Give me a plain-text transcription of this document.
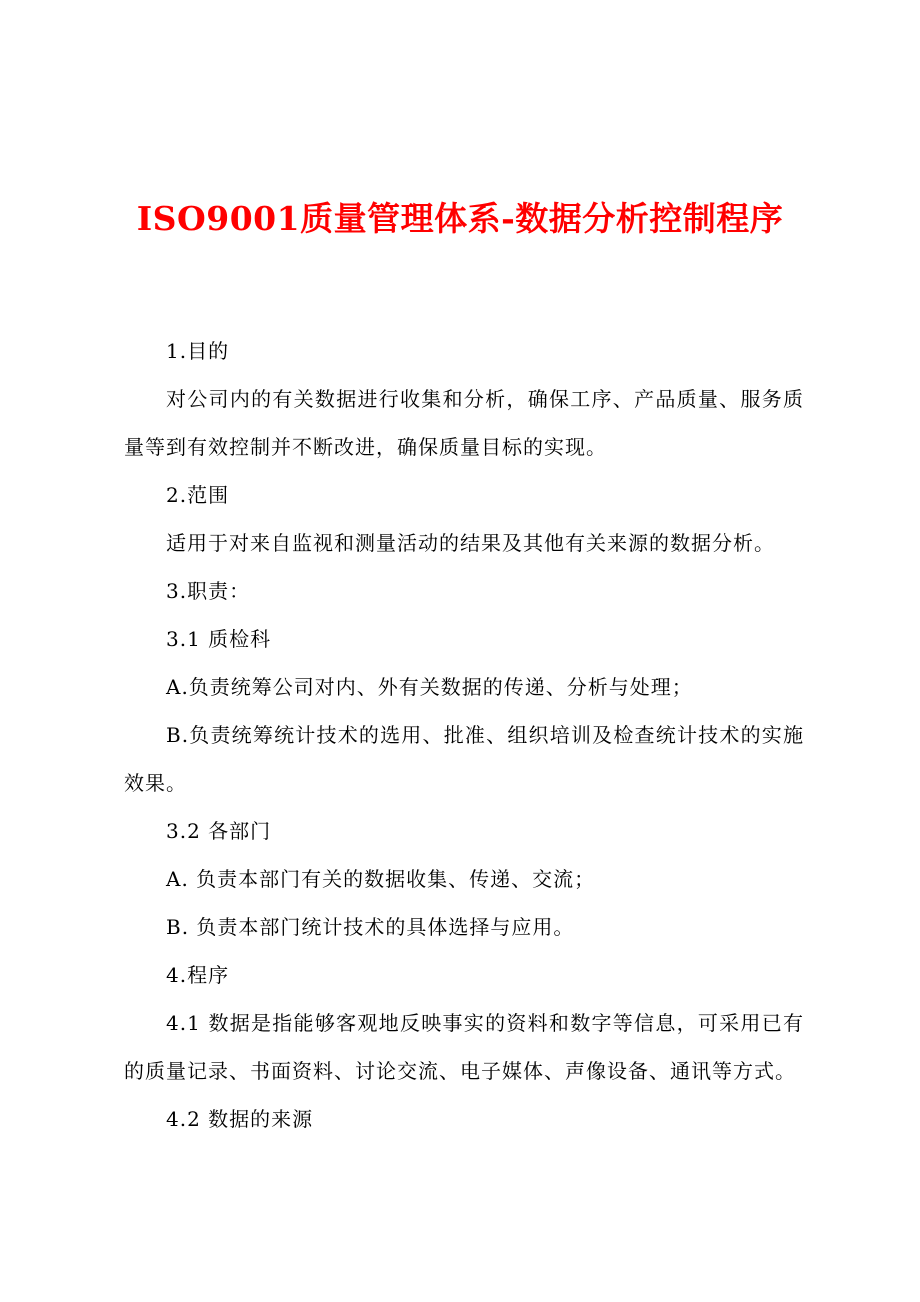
ISO9001质量管理体系-数据分析控制程序

1.目的

对公司内的有关数据进行收集和分析，确保工序、产品质量、服务质量等到有效控制并不断改进，确保质量目标的实现。

2.范围

适用于对来自监视和测量活动的结果及其他有关来源的数据分析。

3.职责：

3.1 质检科

A.负责统筹公司对内、外有关数据的传递、分析与处理；

B.负责统筹统计技术的选用、批准、组织培训及检查统计技术的实施效果。

3.2 各部门

A. 负责本部门有关的数据收集、传递、交流；

B. 负责本部门统计技术的具体选择与应用。

4.程序

4.1 数据是指能够客观地反映事实的资料和数字等信息，可采用已有的质量记录、书面资料、讨论交流、电子媒体、声像设备、通讯等方式。

4.2 数据的来源
